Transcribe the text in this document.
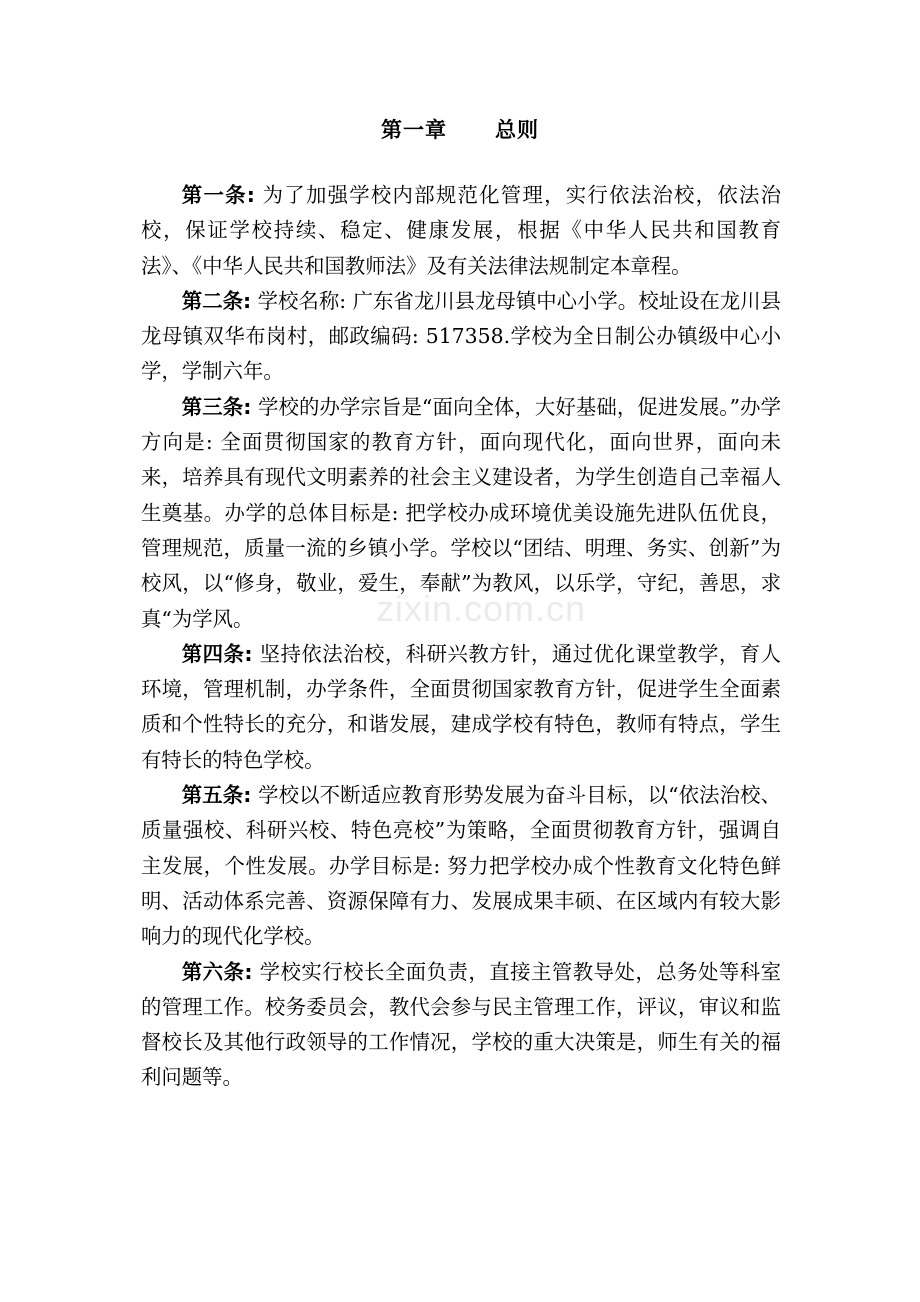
第一章 总则
zixin.com.cn

第一条: 为了加强学校内部规范化管理，实行依法治校，依法治校，保证学校持续、稳定、健康发展，根据《中华人民共和国教育法》、《中华人民共和国教师法》及有关法律法规制定本章程。

第二条: 学校名称: 广东省龙川县龙母镇中心小学。校址设在龙川县龙母镇双华布岗村，邮政编码: 517358.学校为全日制公办镇级中心小学，学制六年。

第三条: 学校的办学宗旨是“面向全体，大好基础，促进发展。”办学方向是: 全面贯彻国家的教育方针，面向现代化，面向世界，面向未来，培养具有现代文明素养的社会主义建设者，为学生创造自己幸福人生奠基。办学的总体目标是: 把学校办成环境优美设施先进队伍优良，管理规范，质量一流的乡镇小学。学校以“团结、明理、务实、创新”为校风，以“修身，敬业，爱生，奉献”为教风，以乐学，守纪，善思，求真“为学风。

第四条: 坚持依法治校，科研兴教方针，通过优化课堂教学，育人环境，管理机制，办学条件，全面贯彻国家教育方针，促进学生全面素质和个性特长的充分，和谐发展，建成学校有特色，教师有特点，学生有特长的特色学校。

第五条: 学校以不断适应教育形势发展为奋斗目标，以“依法治校、质量强校、科研兴校、特色亮校”为策略，全面贯彻教育方针，强调自主发展，个性发展。办学目标是: 努力把学校办成个性教育文化特色鲜明、活动体系完善、资源保障有力、发展成果丰硕、在区域内有较大影响力的现代化学校。

第六条: 学校实行校长全面负责，直接主管教导处，总务处等科室的管理工作。校务委员会，教代会参与民主管理工作，评议，审议和监督校长及其他行政领导的工作情况，学校的重大决策是，师生有关的福利问题等。
